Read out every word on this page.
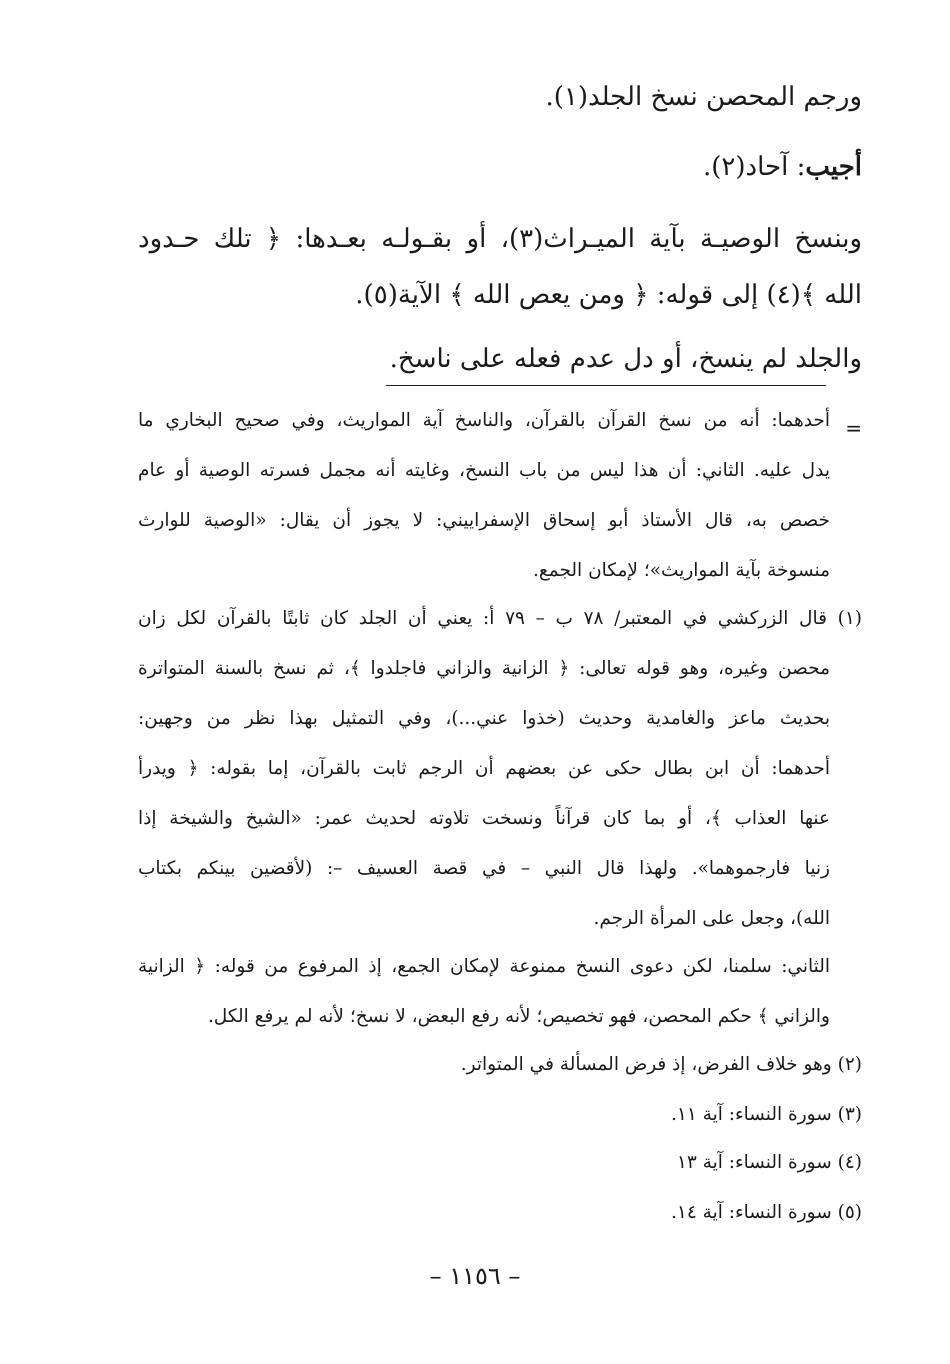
ورجم المحصن نسخ الجلد(١).
أجيب: آحاد(٢).
وبنسخ الوصيـة بآية الميـراث(٣)، أو بقـولـه بعـدها: ﴿ تلك حـدود
الله ﴾(٤) إلى قوله: ﴿ ومن يعص الله ﴾ الآية(٥).
والجلد لم ينسخ، أو دل عدم فعله على ناسخ.
=
أحدهما: أنه من نسخ القرآن بالقرآن، والناسخ آية المواريث، وفي صحيح البخاري ما
يدل عليه. الثاني: أن هذا ليس من باب النسخ، وغايته أنه مجمل فسرته الوصية أو عام
خصص به، قال الأستاذ أبو إسحاق الإسفراييني: لا يجوز أن يقال: «الوصية للوارث
منسوخة بآية المواريث»؛ لإمكان الجمع.
(١) قال الزركشي في المعتبر/ ٧٨ ب – ٧٩ أ: يعني أن الجلد كان ثابتًا بالقرآن لكل زان
محصن وغيره، وهو قوله تعالى: ﴿ الزانية والزاني فاجلدوا ﴾، ثم نسخ بالسنة المتواترة
بحديث ماعز والغامدية وحديث (خذوا عني...)، وفي التمثيل بهذا نظر من وجهين:
أحدهما: أن ابن بطال حكى عن بعضهم أن الرجم ثابت بالقرآن، إما بقوله: ﴿ ويدرأ
عنها العذاب ﴾، أو بما كان قرآناً ونسخت تلاوته لحديث عمر: «الشيخ والشيخة إذا
زنيا فارجموهما». ولهذا قال النبي – في قصة العسيف –: (لأقضين بينكم بكتاب
الله)، وجعل على المرأة الرجم.
الثاني: سلمنا، لكن دعوى النسخ ممنوعة لإمكان الجمع، إذ المرفوع من قوله: ﴿ الزانية
والزاني ﴾ حكم المحصن، فهو تخصيص؛ لأنه رفع البعض، لا نسخ؛ لأنه لم يرفع الكل.
(٢) وهو خلاف الفرض، إذ فرض المسألة في المتواتر.
(٣) سورة النساء: آية ١١.
(٤) سورة النساء: آية ١٣
(٥) سورة النساء: آية ١٤.
– ١١٥٦ –
